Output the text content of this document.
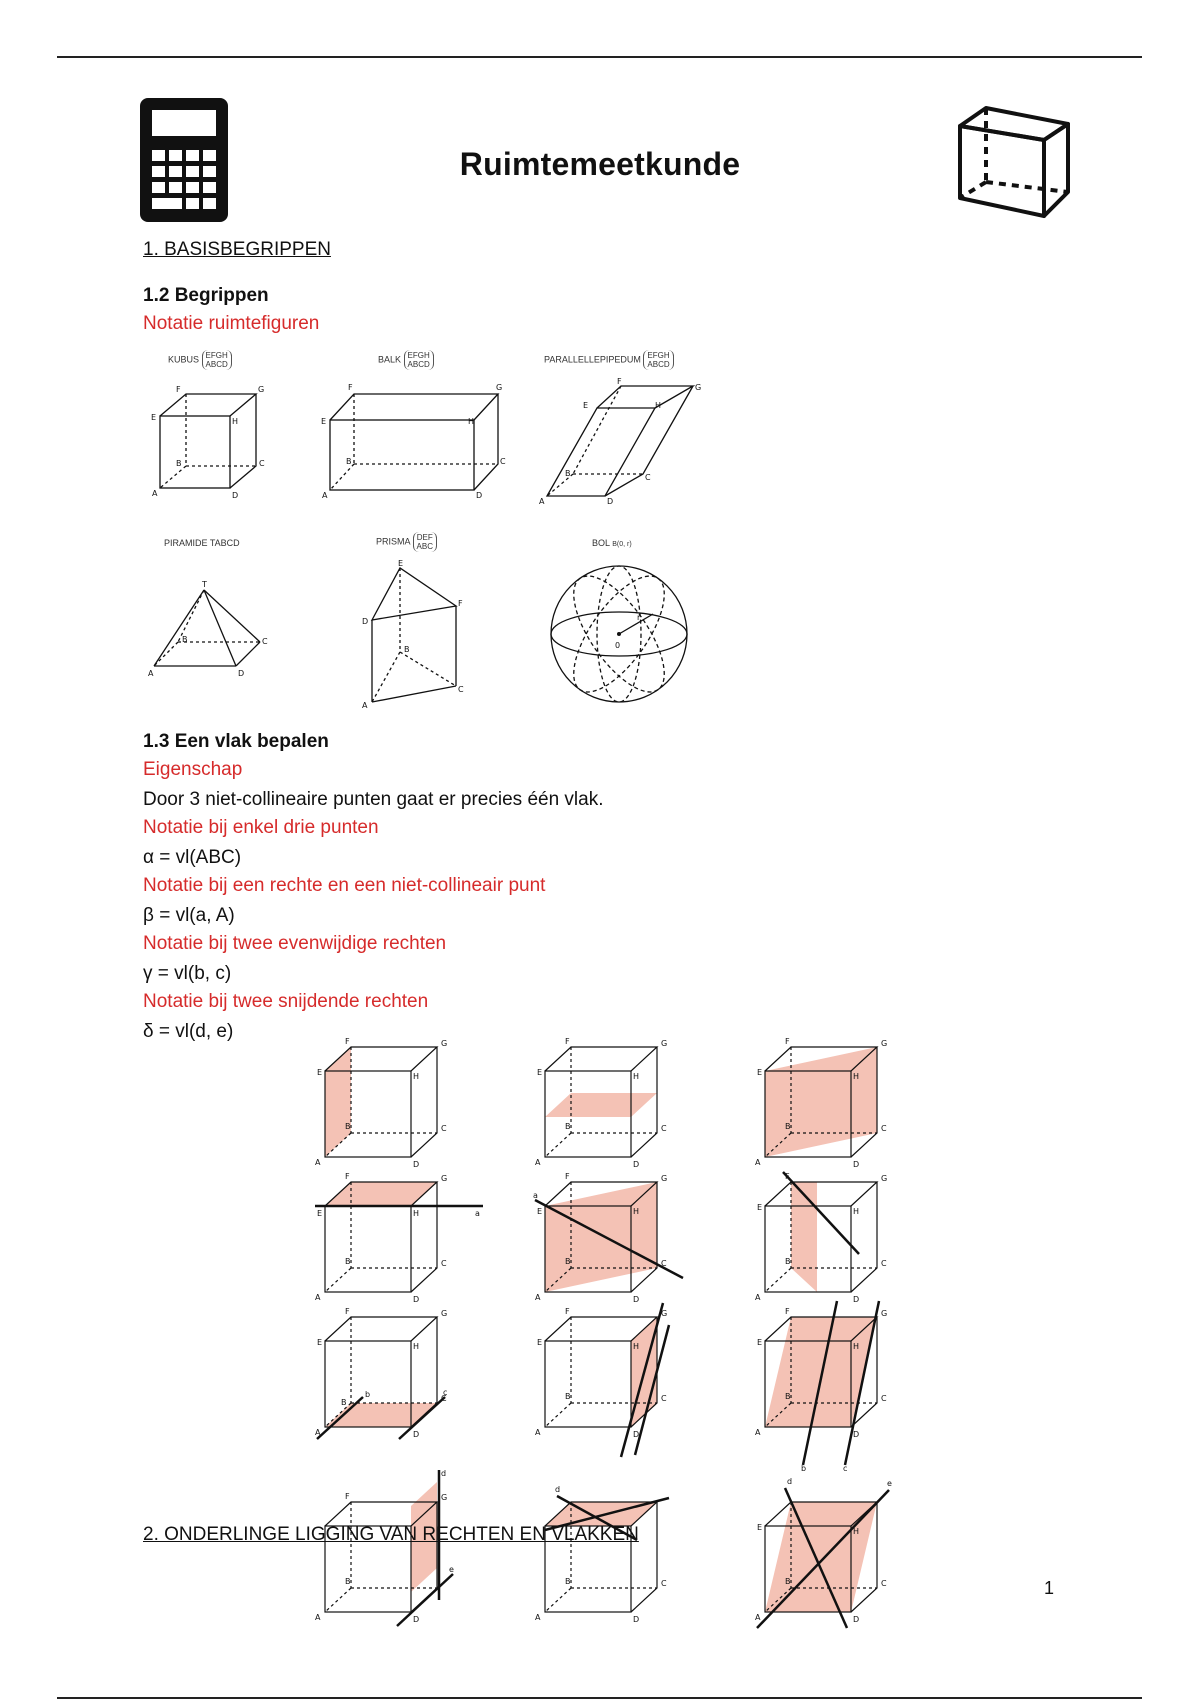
Ruimtemeetkunde
1. BASISBEGRIPPEN
1.2 Begrippen
Notatie ruimtefiguren
KUBUS EFGH
ABCD
BALK EFGH
ABCD
PARALLELLEPIPEDUM EFGH
ABCD
A
B	C
D
E
F	G
H
A
B	C
D
E
F	G
H
A
B	C
D
E
F
G
H
PIRAMIDE TABCD	PRISMA DEF
ABC	BOL B(0, r)
T
A
B	C
D
A
B
C
D
E
F
0
r
1.3 Een vlak bepalen
Eigenschap
Door 3 niet-collineaire punten gaat er precies één vlak.
Notatie bij enkel drie punten
α = vl(ABC)
Notatie bij een rechte en een niet-collineair punt
β = vl(a, A)
Notatie bij twee evenwijdige rechten
γ = vl(b, c)
Notatie bij twee snijdende rechten
δ = vl(d, e)
A
B	C
D
E
F	G
H
A
B	C
D
E
F	G
H
A
B	C
D
E
F	G
H
A
B	C
D
E
F	G
H	a
A
B	C
D
E
F	G
H
a
A
B	C
D
E
F	G
H
A
B	C
D
E
F	G
H
b	c
A
B	C
D
E
F	G
H
A
B	C
D
E
F	G
H
b	c
A
B
D
F	G
d
e
A
B	C
D
d
A
B	C
D
E	H
d	e
2. ONDERLINGE LIGGING VAN RECHTEN EN VLAKKEN
1
